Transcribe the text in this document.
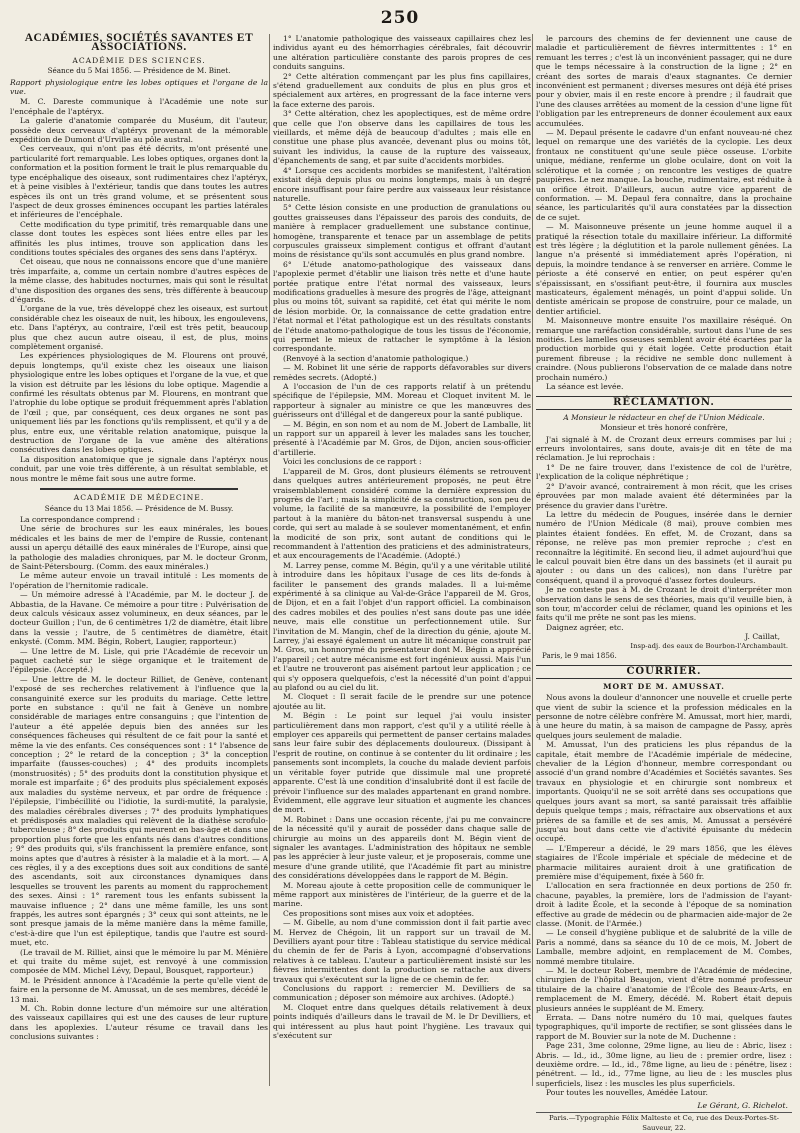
250
ACADÉMIES, SOCIÉTÉS SAVANTES ET ASSOCIATIONS.
ACADÉMIE DES SCIENCES.
Séance du 5 Mai 1856. — Présidence de M. Binet.
Rapport physiologique entre les lobes optiques et l'organe de la vue.

M. C. Dareste communique à l'Académie une note sur l'encéphale de l'aptéryx.

La galerie d'anatomie comparée du Muséum, dit l'auteur, possède deux cerveaux d'aptéryx provenant de la mémorable expédition de Dumont d'Urville au pôle austral.

Ces cerveaux, qui n'ont pas été décrits, m'ont présenté une particularité fort remarquable. Les lobes optiques, organes dont la conformation et la position forment le trait le plus remarquable du type encéphalique des oiseaux, sont rudimentaires chez l'aptéryx, et à peine visibles à l'extérieur, tandis que dans toutes les autres espèces ils ont un très grand volume, et se présentent sous l'aspect de deux grosses éminences occupant les parties latérales et inférieures de l'encéphale.

Cette modification du type primitif, très remarquable dans une classe dont toutes les espèces sont liées entre elles par les affinités les plus intimes, trouve son application dans les conditions toutes spéciales des organes des sens dans l'aptéryx.

Cet oiseau, que nous ne connaissons encore que d'une manière très imparfaite, a, comme un certain nombre d'autres espèces de la même classe, des habitudes nocturnes, mais qui sont le résultat d'une disposition des organes des sens, très différente à beaucoup d'égards.

L'organe de la vue, très développé chez les oiseaux, est surtout considérable chez les oiseaux de nuit, les hiboux, les engoulevens, etc. Dans l'aptéryx, au contraire, l'œil est très petit, beaucoup plus que chez aucun autre oiseau, il est, de plus, moins complètement organisé.

Les expériences physiologiques de M. Flourens ont prouvé, depuis longtemps, qu'il existe chez les oiseaux une liaison physiologique entre les lobes optiques et l'organe de la vue, et que la vision est détruite par les lésions du lobe optique. Magendie a confirmé les résultats obtenus par M. Flourens, en montrant que l'atrophie du lobe optique se produit fréquemment après l'ablation de l'œil ; que, par conséquent, ces deux organes ne sont pas uniquement liés par les fonctions qu'ils remplissent, et qu'il y a de plus, entre eux, une véritable relation anatomique, puisque la destruction de l'organe de la vue amène des altérations consécutives dans les lobes optiques.

La disposition anatomique que je signale dans l'aptéryx nous conduit, par une voie très différente, à un résultat semblable, et nous montre le même fait sous une autre forme.

ACADÉMIE DE MÉDECINE.
Séance du 13 Mai 1856. — Présidence de M. Bussy.

La correspondance comprend :

Une série de brochures sur les eaux minérales, les boues médicales et les bains de mer de l'empire de Russie, contenant aussi un aperçu détaillé des eaux minérales de l'Europe, ainsi que la pathologie des maladies chroniques, par M. le docteur Gronm, de Saint-Pétersbourg. (Comm. des eaux minérales.)

Le même auteur envoie un travail intitulé : Les moments de l'opération de l'hernitomie radicale.

— Un mémoire adressé à l'Académie, par M. le docteur J. de Abbastia, de la Havane. Ce mémoire a pour titre : Pulvérisation de deux calculs vésicaux assez volumineux, en deux séances, par le docteur Guillon ; l'un, de 6 centimètres 1/2 de diamètre, était libre dans la vessie ; l'autre, de 5 centimètres de diamètre, était enkysté. (Comm. MM. Bégin, Robert, Laugier, rapporteur.)

— Une lettre de M. Lisle, qui prie l'Académie de recevoir un paquet cacheté sur le siège organique et le traitement de l'épilepsie. (Accepté.)

— Une lettre de M. le docteur Rilliet, de Genève, contenant l'exposé de ses recherches relativement à l'influence que la consanguinité exerce sur les produits du mariage. Cette lettre porte en substance : qu'il ne fait à Genève un nombre considérable de mariages entre consanguins ; que l'intention de l'auteur a été appelée depuis bien des années sur les conséquences fâcheuses qui résultent de ce fait pour la santé et même la vie des enfants. Ces conséquences sont : 1° l'absence de conception ; 2° le retard de la conception ; 3° la conception imparfaite (fausses-couches) ; 4° des produits incomplets (monstruosités) ; 5° des produits dont la constitution physique et morale est imparfaite ; 6° des produits plus spécialement exposés aux maladies du système nerveux, et par ordre de fréquence : l'épilepsie, l'imbécillité ou l'idiotie, la surdi-mutité, la paralysie, des maladies cérébrales diverses ; 7° des produits lymphatiques et prédisposés aux maladies qui relèvent de la diathèse scrofulo-tuberculeuse ; 8° des produits qui meurent en bas-âge et dans une proportion plus forte que les enfants nés dans d'autres conditions ; 9° des produits qui, s'ils franchissent la première enfance, sont moins aptes que d'autres à résister à la maladie et à la mort. — A ces règles, il y a des exceptions dues soit aux conditions de santé des ascendants, soit aux circonstances dynamiques dans lesquelles se trouvent les parents au moment du rapprochement des sexes. Ainsi : 1° rarement tous les enfants subissent la mauvaise influence ; 2° dans une même famille, les uns sont frappés, les autres sont épargnés ; 3° ceux qui sont atteints, ne le sont presque jamais de la même manière dans la même famille, c'est-à-dire que l'un est épileptique, tandis que l'autre est sourd-muet, etc.

(Le travail de M. Rilliet, ainsi que le mémoire lu par M. Ménière et qui traite du même sujet, est renvoyé à une commission composée de MM. Michel Lévy, Depaul, Bousquet, rapporteur.)

M. le Président annonce à l'Académie la perte qu'elle vient de faire en la personne de M. Amussat, un de ses membres, décédé le 13 mai.

M. Ch. Robin donne lecture d'un mémoire sur une altération des vaisseaux capillaires qui est une des causes de leur rupture dans les apoplexies. L'auteur résume ce travail dans les conclusions suivantes :

1° L'anatomie pathologique des vaisseaux capillaires chez les individus ayant eu des hémorrhagies cérébrales, fait découvrir une altération particulière constante des parois propres de ces conduits sanguins.

2° Cette altération commençant par les plus fins capillaires, s'étend graduellement aux conduits de plus en plus gros et spécialement aux artères, en progressant de la face interne vers la face externe des parois.

3° Cette altération, chez les apoplectiques, est de même ordre que celle que l'on observe dans les capillaires de tous les vieillards, et même déjà de beaucoup d'adultes ; mais elle en constitue une phase plus avancée, devenant plus ou moins tôt, suivant les individus, la cause de la rupture des vaisseaux, d'épanchements de sang, et par suite d'accidents morbides.

4° Lorsque ces accidents morbides se manifestent, l'altération existait déjà depuis plus ou moins longtemps, mais à un degré encore insuffisant pour faire perdre aux vaisseaux leur résistance naturelle.

5° Cette lésion consiste en une production de granulations ou gouttes graisseuses dans l'épaisseur des parois des conduits, de manière à remplacer graduellement une substance continue, homogène, transparente et tenace par un assemblage de petits corpuscules graisseux simplement contigus et offrant d'autant moins de résistance qu'ils sont accumulés en plus grand nombre.

6° L'étude anatomo-pathologique des vaisseaux dans l'apoplexie permet d'établir une liaison très nette et d'une haute portée pratique entre l'état normal des vaisseaux, leurs modifications graduelles à mesure des progrès de l'âge, atteignant plus ou moins tôt, suivant sa rapidité, cet état qui mérite le nom de lésion morbide. Or, la connaissance de cette gradation entre l'état normal et l'état pathologique est un des résultats constants de l'étude anatomo-pathologique de tous les tissus de l'économie, qui permet le mieux de rattacher le symptôme à la lésion correspondante.

(Renvoyé à la section d'anatomie pathologique.)

— M. Robinet lit une série de rapports défavorables sur divers remèdes secrets. (Adopté.)

A l'occasion de l'un de ces rapports relatif à un prétendu spécifique de l'épilepsie, MM. Moreau et Cloquet invitent M. le rapporteur à signaler au ministre ce que les manœuvres des guérisseurs ont d'illégal et de dangereux pour la santé publique.

— M. Bégin, en son nom et au nom de M. Jobert de Lamballe, lit un rapport sur un appareil à lever les malades sans les toucher, présenté à l'Académie par M. Gros, de Dijon, ancien sous-officier d'artillerie.

Voici les conclusions de ce rapport :

L'appareil de M. Gros, dont plusieurs éléments se retrouvent dans quelques autres antérieurement proposés, ne peut être vraisemblablement considéré comme la dernière expression du progrès de l'art ; mais la simplicité de sa construction, son peu de volume, la facilité de sa manœuvre, la possibilité de l'employer partout à la manière du bâton-net transversal suspendu à une corde, qui sert au malade à se soulever momentanément, et enfin la modicité de son prix, sont autant de conditions qui le recommandent à l'attention des praticiens et des administrateurs, et aux encouragements de l'Académie. (Adopté.)

M. Larrey pense, comme M. Bégin, qu'il y a une véritable utilité à introduire dans les hôpitaux l'usage de ces lits de-fonds à faciliter le pansement des grands malades. Il a lui-même expérimenté à sa clinique au Val-de-Grâce l'appareil de M. Gros, de Dijon, et en a fait l'objet d'un rapport officiel. La combinaison des cadres mobiles et des poulies n'est sans doute pas une idée neuve, mais elle constitue un perfectionnement utile. Sur l'invitation de M. Mangin, chef de la direction du génie, ajoute M. Larrey, j'ai essayé également un autre lit mécanique construit par M. Gros, un honnorymé du présentateur dont M. Bégin a apprécié l'appareil ; cet autre mécanisme est fort ingénieux aussi. Mais l'un et l'autre ne trouveront pas aisément partout leur application ; ce qui s'y opposera quelquefois, c'est la nécessité d'un point d'appui au plafond ou au ciel du lit.

M. Cloquet : Il serait facile de le prendre sur une potence ajoutée au lit.

M. Bégin : Le point sur lequel j'ai voulu insister particulièrement dans mon rapport, c'est qu'il y a utilité réelle à employer ces appareils qui permettent de panser certains malades sans leur faire subir des déplacements douloureux. (Dissipant à l'esprit de routine, on continue à se contenter du lit ordinaire ; les pansements sont incomplets, la couche du malade devient parfois un véritable foyer putride que dissimule mal une propreté apparente. C'est là une condition d'insalubrité dont il est facile de prévoir l'influence sur des malades appartenant en grand nombre. Évidemment, elle aggrave leur situation et augmente les chances de mort.

M. Robinet : Dans une occasion récente, j'ai pu me convaincre de la nécessité qu'il y aurait de posséder dans chaque salle de chirurgie au moins un des appareils dont M. Bégin vient de signaler les avantages. L'administration des hôpitaux ne semble pas les apprécier à leur juste valeur, et je proposerais, comme une mesure d'une grande utilité, que l'Académie fît part au ministre des considérations développées dans le rapport de M. Bégin.

M. Moreau ajoute à cette proposition celle de communiquer le même rapport aux ministères de l'intérieur, de la guerre et de la marine.

Ces propositions sont mises aux voix et adoptées.

— M. Gibelle, au nom d'une commission dont il fait partie avec M. Hervez de Chégoin, lit un rapport sur un travail de M. Devilliers ayant pour titre : Tableau statistique du service médical du chemin de fer de Paris à Lyon, accompagné d'observations relatives à ce tableau. L'auteur a particulièrement insisté sur les fièvres intermittentes dont la production se rattache aux divers travaux qui s'exécutent sur la ligne de ce chemin de fer.

Conclusions du rapport : remercier M. Devilliers de sa communication ; déposer son mémoire aux archives. (Adopté.)

M. Cloquet entre dans quelques détails relativement à deux points indiqués d'ailleurs dans le travail de M. le Dr Devilliers, et qui intéressent au plus haut point l'hygiène. Les travaux qui s'exécutent sur

le parcours des chemins de fer deviennent une cause de maladie et particulièrement de fièvres intermittentes : 1° en remuant les terres ; c'est là un inconvénient passager, qui ne dure que le temps nécessaire à la construction de la ligne ; 2° en créant des sortes de marais d'eaux stagnantes. Ce dernier inconvénient est permanent ; diverses mesures ont déjà été prises pour y obvier, mais il en reste encore à prendre ; il faudrait que l'une des clauses arrêtées au moment de la cession d'une ligne fût l'obligation par les entrepreneurs de donner écoulement aux eaux accumulées.

— M. Depaul présente le cadavre d'un enfant nouveau-né chez lequel on remarque une des variétés de la cyclopie. Les deux frontaux ne constituent qu'une seule pièce osseuse. L'orbite unique, médiane, renferme un globe oculaire, dont on voit la sclérotique et la cornée ; on rencontre les vestiges de quatre paupières. Le nez manque. La bouche, rudimentaire, est réduite à un orifice étroit. D'ailleurs, aucun autre vice apparent de conformation. — M. Depaul fera connaître, dans la prochaine séance, les particularités qu'il aura constatées par la dissection de ce sujet.

— M. Maisonneuve présente un jeune homme auquel il a pratiqué la résection totale du maxillaire inférieur. La difformité est très légère ; la déglutition et la parole nullement gênées. La langue n'a présenté si immédiatement après l'opération, ni depuis, la moindre tendance à se renverser en arrière. Comme le périoste a été conservé en entier, on peut espérer qu'en s'épaississant, en s'ossifiant peut-être, il fournira aux muscles masticateurs, également ménagés, un point d'appui solide. Un dentiste américain se propose de construire, pour ce malade, un dentier artificiel.

M. Maisonneuve montre ensuite l'os maxillaire réséqué. On remarque une raréfaction considérable, surtout dans l'une de ses moitiés. Les lamelles osseuses semblent avoir été écartées par la production morbide qui y était logée. Cette production était purement fibreuse ; la récidive ne semble donc nullement à craindre. (Nous publierons l'observation de ce malade dans notre prochain numéro.)

La séance est levée.

RÉCLAMATION.
A Monsieur le rédacteur en chef de l'Union Médicale.
Monsieur et très honoré confrère,

J'ai signalé à M. de Crozant deux erreurs commises par lui ; erreurs involontaires, sans doute, avais-je dit en tête de ma réclamation. Je lui reprochais :

1° De ne faire trouver, dans l'existence de col de l'urètre, l'explication de la colique néphrétique ;

2° D'avoir avancé, contrairement à mon récit, que les crises éprouvées par mon malade avaient été déterminées par la présence du gravier dans l'urètre.

La lettre du médecin de Pougues, insérée dans le dernier numéro de l'Union Médicale (8 mai), prouve combien mes plaintes étaient fondées. En effet, M. de Crozant, dans sa réponse, ne relève pas mon premier reproche ; c'est en reconnaître la légitimité. En second lieu, il admet aujourd'hui que le calcul pouvait bien être dans un des bassinets (et il aurait pu ajouter : ou dans un des calices), non dans l'urètre par conséquent, quand il a provoqué d'assez fortes douleurs.

Je ne conteste pas à M. de Crozant le droit d'interpréter mon observation dans le sens de ses théories, mais qu'il veuille bien, à son tour, m'accorder celui de réclamer, quand les opinions et les faits qu'il me prête ne sont pas les miens.

Daignez agréer, etc.

J. Caillat,
Insp-adj. des eaux de Bourbon-l'Archambault.
Paris, le 9 mai 1856.
COURRIER.
MORT DE M. AMUSSAT.

Nous avons la douleur d'annoncer une nouvelle et cruelle perte que vient de subir la science et la profession médicales en la personne de notre célèbre confrère M. Amussat, mort hier, mardi, à une heure du matin, à sa maison de campagne de Passy, après quelques jours seulement de maladie.

M. Amussat, l'un des praticiens les plus répandus de la capitale, était membre de l'Académie impériale de médecine, chevalier de la Légion d'honneur, membre correspondant ou associé d'un grand nombre d'Académies et Sociétés savantes. Ses travaux en physiologie et en chirurgie sont nombreux et importants. Quoiqu'il ne se soit arrêté dans ses occupations que quelques jours avant sa mort, sa santé paraissait très affaiblie depuis quelque temps ; mais, réfractaire aux observations et aux prières de sa famille et de ses amis, M. Amussat a persévéré jusqu'au bout dans cette vie d'activité épuisante du médecin occupé.

— L'Empereur a décidé, le 29 mars 1856, que les élèves stagiaires de l'École impériale et spéciale de médecine et de pharmacie militaires auraient droit à une gratification de première mise d'équipement, fixée à 560 fr.

L'allocation en sera fractionnée en deux portions de 250 fr. chacune, payables, la première, lors de l'admission de l'ayant-droit à ladite École, et la seconde à l'époque de sa nomination effective au grade de médecin ou de pharmacien aide-major de 2e classe. (Monit. de l'Armée.)

— Le conseil d'hygiène publique et de salubrité de la ville de Paris a nommé, dans sa séance du 10 de ce mois, M. Jobert de Lamballe, membre adjoint, en remplacement de M. Combes, nommé membre titulaire.

— M. le docteur Robert, membre de l'Académie de médecine, chirurgien de l'hôpital Beaujon, vient d'être nommé professeur titulaire de la chaire d'anatomie de l'École des Beaux-Arts, en remplacement de M. Emery, décédé. M. Robert était depuis plusieurs années le suppléant de M. Emery.

Errata. — Dans notre numéro du 10 mai, quelques fautes typographiques, qu'il importe de rectifier, se sont glissées dans le rapport de M. Bouvier sur la note de M. Duchenne :

Page 231, 3me colonne, 29me ligne, au lieu de : Abric, lisez : Abris. — Id., id., 30me ligne, au lieu de : premier ordre, lisez : deuxième ordre. — Id., id., 78me ligne, au lieu de : pénétre, lisez : pénétrent. — Id., id., 77me ligne, au lieu de : les muscles plus superficiels, lisez : les muscles les plus superficiels.

Pour toutes les nouvelles, Amédée Latour.

Le Gérant, G. Richelot.
Paris.—Typographie Félix Malteste et Ce, rue des Deux-Portes-St-Sauveur, 22.
